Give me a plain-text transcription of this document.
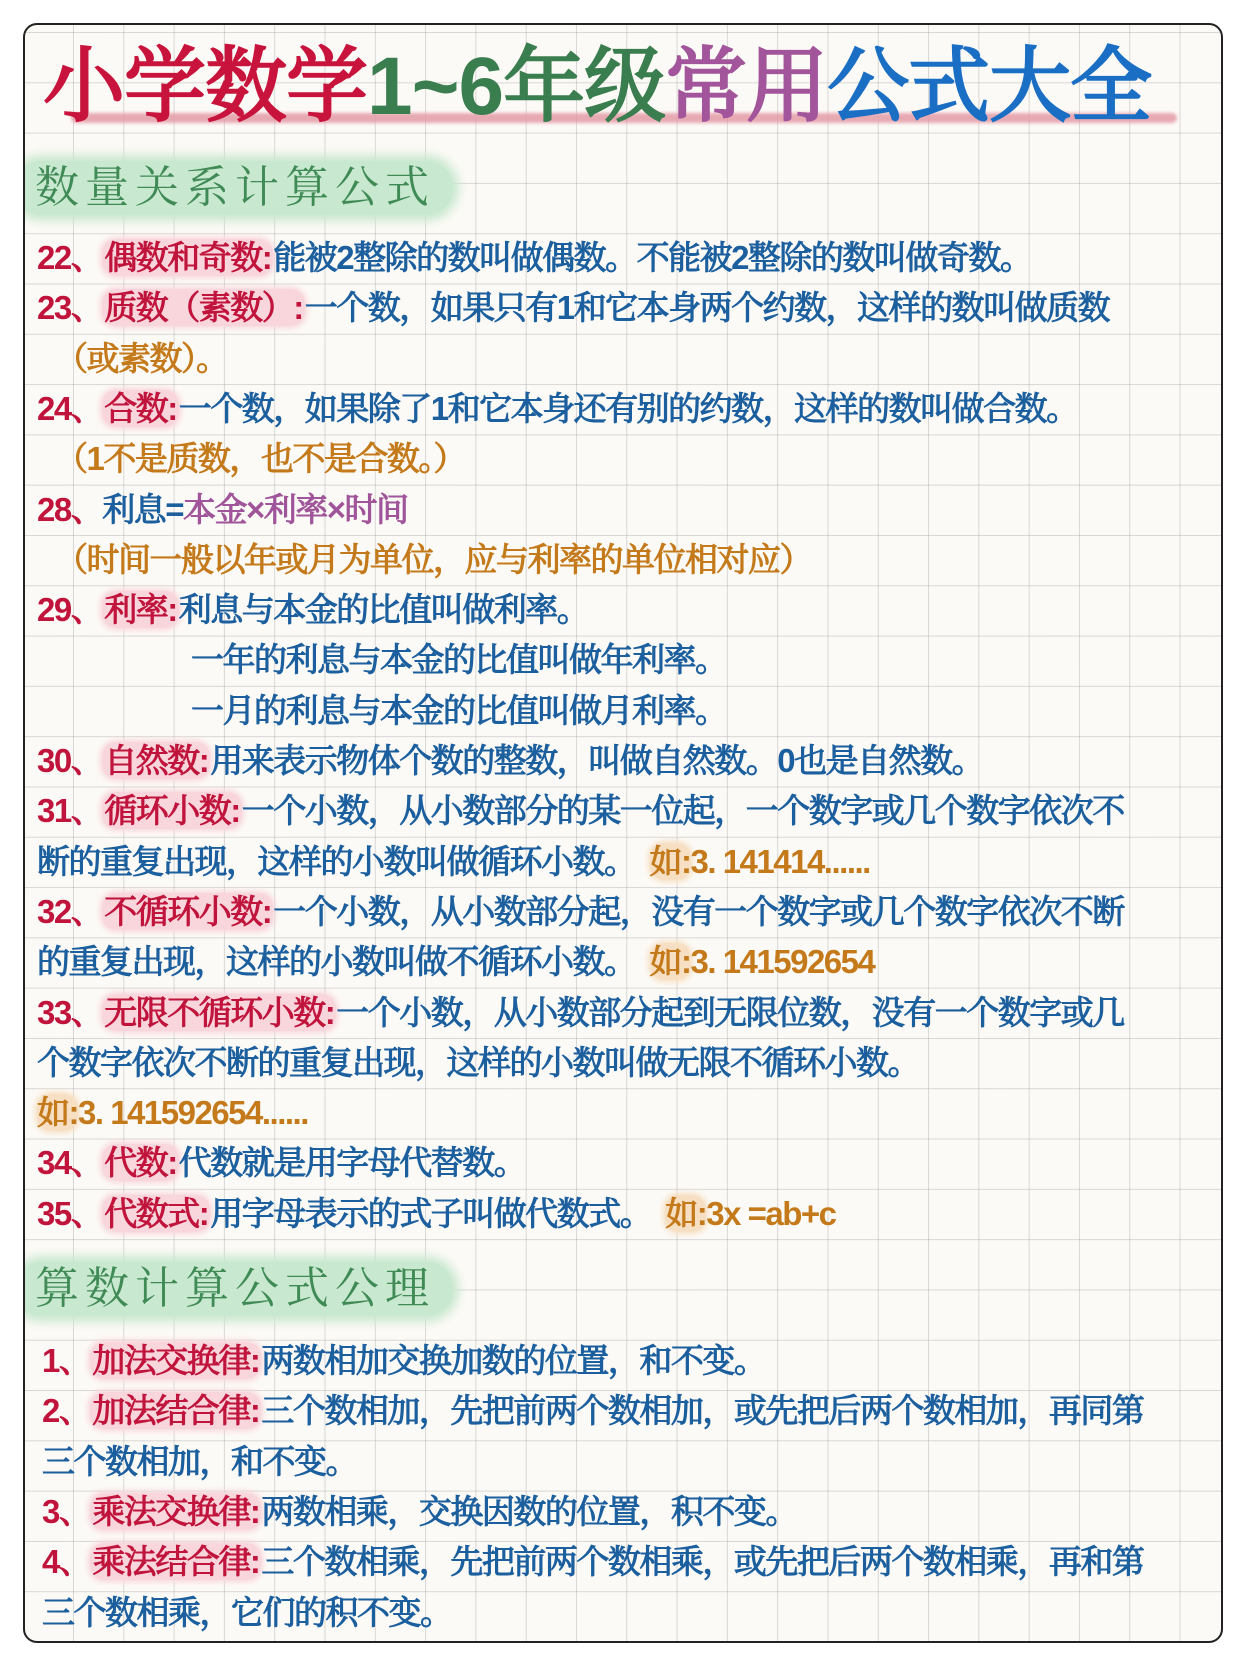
小学数学1~6年级常用公式大全
数量关系计算公式
22、偶数和奇数:能被2整除的数叫做偶数。不能被2整除的数叫做奇数。
23、质数（素数）:一个数，如果只有1和它本身两个约数，这样的数叫做质数
（或素数）。
24、合数:一个数，如果除了1和它本身还有别的约数，这样的数叫做合数。
（1不是质数，也不是合数。）
28、利息=本金×利率×时间
（时间一般以年或月为单位，应与利率的单位相对应）
29、利率:利息与本金的比值叫做利率。
一年的利息与本金的比值叫做年利率。
一月的利息与本金的比值叫做月利率。
30、自然数:用来表示物体个数的整数，叫做自然数。0也是自然数。
31、循环小数:一个小数，从小数部分的某一位起，一个数字或几个数字依次不
断的重复出现，这样的小数叫做循环小数。 如:3. 141414......
32、不循环小数:一个小数，从小数部分起，没有一个数字或几个数字依次不断
的重复出现，这样的小数叫做不循环小数。 如:3. 141592654
33、无限不循环小数:一个小数，从小数部分起到无限位数，没有一个数字或几
个数字依次不断的重复出现，这样的小数叫做无限不循环小数。
如:3. 141592654......
34、代数:代数就是用字母代替数。
35、代数式:用字母表示的式子叫做代数式。 如:3x =ab+c
算数计算公式公理
1、加法交换律:两数相加交换加数的位置，和不变。
2、加法结合律:三个数相加，先把前两个数相加，或先把后两个数相加，再同第
三个数相加，和不变。
3、乘法交换律:两数相乘，交换因数的位置，积不变。
4、乘法结合律:三个数相乘，先把前两个数相乘，或先把后两个数相乘，再和第
三个数相乘，它们的积不变。
